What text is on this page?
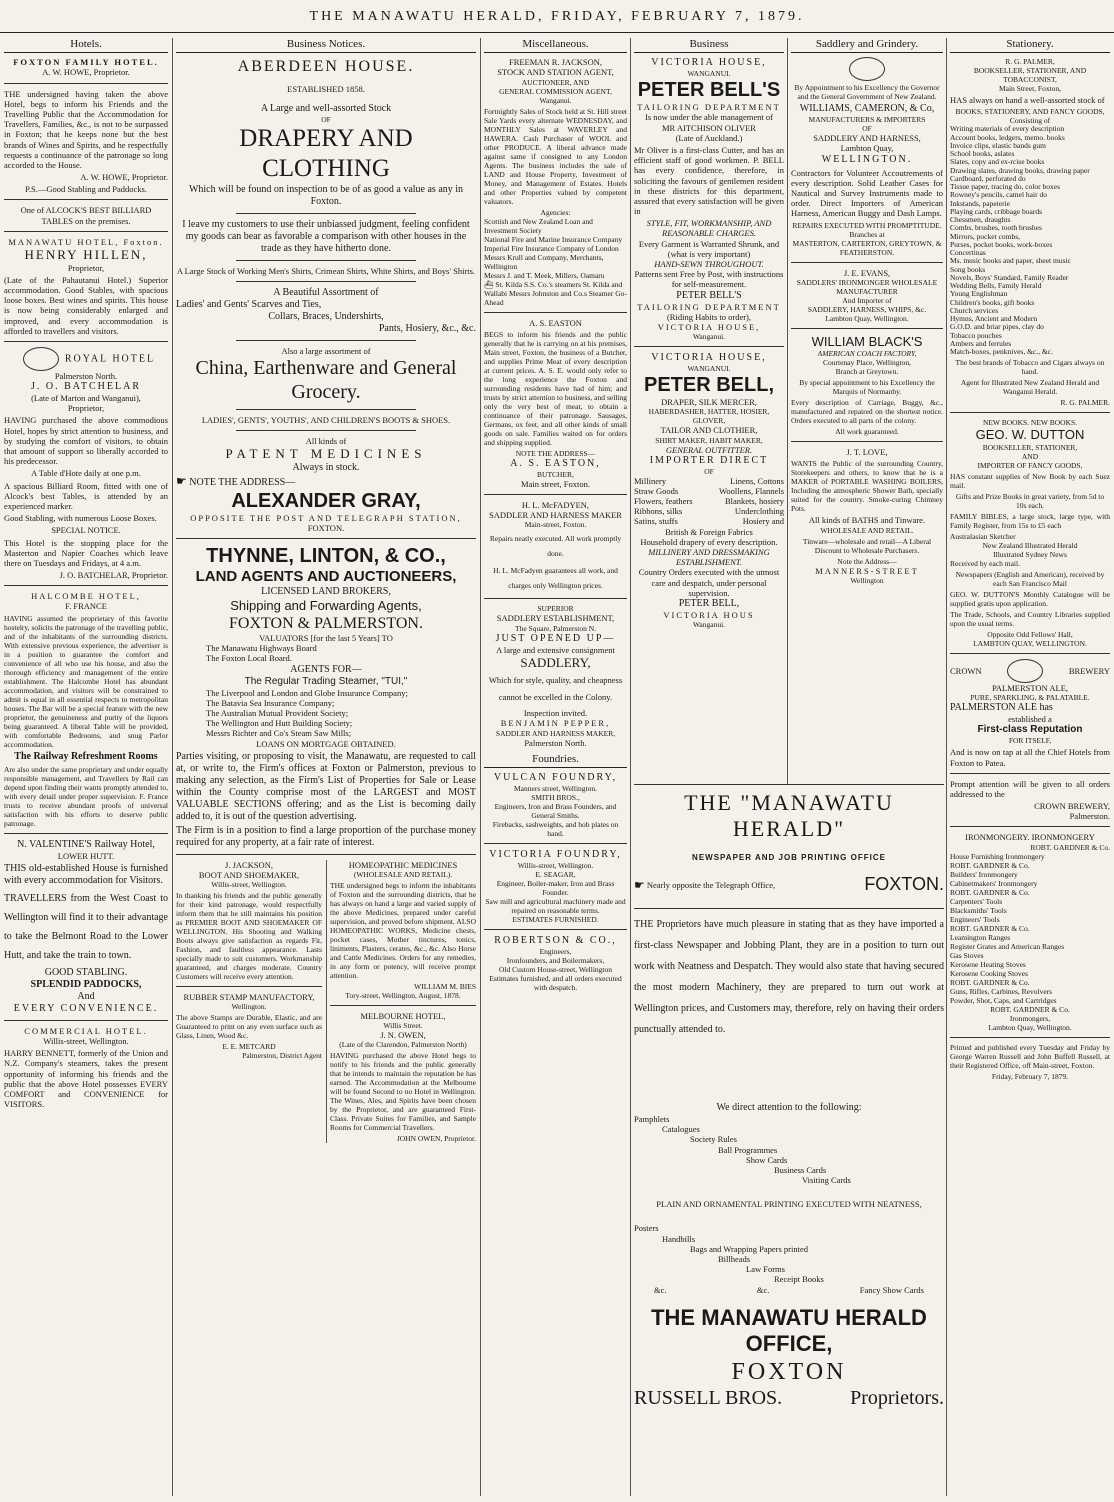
THE MANAWATU HERALD, FRIDAY, FEBRUARY 7, 1879.
Hotels.
FOXTON FAMILY HOTEL.
A. W. HOWE, Proprietor.

THE undersigned having taken the above Hotel, begs to inform his Friends and the Travelling Public that the Accommodation for Travellers, Families, &c., is not to be surpassed in Foxton; that he keeps none but the best brands of Wines and Spirits, and he respectfully requests a continuance of the patronage so long accorded to the House.

A. W. HOWE, Proprietor.

P.S.—Good Stabling and Paddocks.

One of ALCOCK'S BEST BILLIARD TABLES on the premises.

MANAWATU HOTEL, Foxton.
HENRY HILLEN,
Proprietor,

(Late of the Pahautanui Hotel.) Superior accommodation. Good Stables, with spacious loose boxes. Best wines and spirits. This house is now being considerably enlarged and improved, and every accommodation is afforded to travellers and visitors.

ROYAL HOTEL
Palmerston North.
J. O. BATCHELAR
(Late of Marton and Wanganui),
Proprietor,

HAVING purchased the above commodious Hotel, hopes by strict attention to business, and by studying the comfort of visitors, to obtain that amount of support so liberally accorded to his predecessor.

A Table d'Hote daily at one p.m.

A spacious Billiard Room, fitted with one of Alcock's best Tables, is attended by an experienced marker.

Good Stabling, with numerous Loose Boxes.

SPECIAL NOTICE.

This Hotel is the stopping place for the Masterton and Napier Coaches which leave there on Tuesdays and Fridays, at 4 a.m.

J. O. BATCHELAR, Proprietor.

HALCOMBE HOTEL,
F. FRANCE

HAVING assumed the proprietary of this favorite hostelry, solicits the patronage of the travelling public, and of the inhabitants of the surrounding districts. With extensive previous experience, the advertiser is in a position to guarantee the comfort and convenience of all who use his house, and also the thorough efficiency and management of the entire establishment. The Halcombe Hotel has abundant accommodation, and visitors will be constrained to admit is equal in all essential respects to metropolitan houses. The Bar will be a special feature with the new proprietor, the genuineness and purity of the liquors being guaranteed. A liberal Table will be provided, with comfortable Bedrooms, and snug Parlor accommodation.

The Railway Refreshment Rooms

Are also under the same proprietary and under equally responsible management, and Travellers by Rail can depend upon finding their wants promptly attended to, with every detail under proper supervision. F. France trusts to receive abundant proofs of universal satisfaction with his efforts to deserve public patronage.

N. VALENTINE'S Railway Hotel,
LOWER HUTT.

THIS old-established House is furnished with every accommodation for Visitors.

TRAVELLERS from the West Coast to Wellington will find it to their advantage to take the Belmont Road to the Lower Hutt, and take the train to town.

GOOD STABLING.
SPLENDID PADDOCKS,
And
EVERY CONVENIENCE.
COMMERCIAL HOTEL.
Willis-street, Wellington.

HARRY BENNETT, formerly of the Union and N.Z. Company's steamers, takes the present opportunity of informing his friends and the public that the above Hotel possesses EVERY COMFORT and CONVENIENCE for VISITORS.

Business Notices.
ABERDEEN HOUSE.
ESTABLISHED 1858.
A Large and well-assorted Stock
OF
DRAPERY AND CLOTHING
Which will be found on inspection to be of as good a value as any in Foxton.
I leave my customers to use their unbiassed judgment, feeling confident my goods can bear as favorable a comparison with other houses in the trade as they have hitherto done.
A Large Stock of Working Men's Shirts, Crimean Shirts, White Shirts, and Boys' Shirts.
A Beautiful Assortment of
Ladies' and Gents' Scarves and Ties,
Collars, Braces, Undershirts,
Pants, Hosiery, &c., &c.
Also a large assortment of
China, Earthenware and General Grocery.
LADIES', GENTS', YOUTHS', AND CHILDREN'S BOOTS & SHOES.
All kinds of
PATENT MEDICINES
Always in stock.
☛ NOTE THE ADDRESS—
ALEXANDER GRAY,
OPPOSITE THE POST AND TELEGRAPH STATION,
FOXTON.
THYNNE, LINTON, & CO.,
LAND AGENTS AND AUCTIONEERS,
LICENSED LAND BROKERS,
Shipping and Forwarding Agents,
FOXTON & PALMERSTON.
VALUATORS [for the last 5 Years] TO
The Manawatu Highways Board
The Foxton Local Board.
AGENTS FOR—
The Regular Trading Steamer, "TUI,"
The Liverpool and London and Globe Insurance Company;
The Batavia Sea Insurance Company;
The Australian Mutual Provident Society;
The Wellington and Hutt Building Society;
Messrs Richter and Co's Steam Saw Mills;
LOANS ON MORTGAGE OBTAINED.

Parties visiting, or proposing to visit, the Manawatu, are requested to call at, or write to, the Firm's offices at Foxton or Palmerston, previous to making any selection, as the Firm's List of Properties for Sale or Lease within the County comprise most of the LARGEST and MOST VALUABLE SECTIONS offering; and as the List is becoming daily added to, it is out of the question advertising.

The Firm is in a position to find a large proportion of the purchase money required for any property, at a fair rate of interest.

J. JACKSON,
BOOT AND SHOEMAKER,
Willis-street, Wellington.

In thanking his friends and the public generally for their kind patronage, would respectfully inform them that he still maintains his position as PREMIER BOOT AND SHOEMAKER OF WELLINGTON. His Shooting and Walking Boots always give satisfaction as regards Fit, Fashion, and faultless appearance. Lasts specially made to suit customers. Workmanship guaranteed, and charges moderate. Country Customers will receive every attention.

RUBBER STAMP MANUFACTORY,
Wellington.

The above Stamps are Durable, Elastic, and are Guaranteed to print on any even surface such as Glass, Linen, Wood &c.

E. E. METCARD
Palmerston, District Agent
HOMEOPATHIC MEDICINES
(WHOLESALE AND RETAIL).

THE undersigned begs to inform the inhabitants of Foxton and the surrounding districts, that he has always on hand a large and varied supply of the above Medicines, prepared under careful supervision, and proved before shipment. ALSO HOMEOPATHIC WORKS, Medicine chests, pocket cases, Mother tinctures, tonics, liniments, Plasters, cerates, &c., &c. Also Horse and Cattle Medicines. Orders for any remedies, in any form or potency, will receive prompt attention.

WILLIAM M. BIES
Tory-street, Wellington, August, 1878.
MELBOURNE HOTEL,
Willis Street.
J. N. OWEN,
(Late of the Clarendon, Palmerston North)

HAVING purchased the above Hotel begs to notify to his friends and the public generally that he intends to maintain the reputation he has earned. The Accommodation at the Melbourne will be found Second to no Hotel in Wellington. The Wines, Ales, and Spirits have been chosen by the Proprietor, and are guaranteed First-Class. Private Suites for Families, and Sample Rooms for Commercial Travellers.

JOHN OWEN, Proprietor.
Miscellaneous.
FREEMAN R. JACKSON,
STOCK AND STATION AGENT,
AUCTIONEER, AND
GENERAL COMMISSION AGENT,
Wanganui.

Fortnightly Sales of Stock held at St. Hill street Sale Yards every alternate WEDNESDAY, and MONTHLY Sales at WAVERLEY and HAWERA. Cash Purchaser of WOOL and other PRODUCE. A liberal advance made against same if consigned to any London Agents. The business includes the sale of LAND and House Property, Investment of Money, and Management of Estates. Hotels and other Properties valued by competent valuators.

Agencies:
Scottish and New Zealand Loan and Investment Society
National Fire and Marine Insurance Company
Imperial Fire Insurance Company of London
Messrs Krull and Company, Merchants, Wellington
Messrs J. and T. Meek, Millers, Oamaru
⛴ St. Kilda S.S. Co.'s steamers St. Kilda and Wallabi Messrs Johnston and Co.s Steamer Go-Ahead
A. S. EASTON

BEGS to inform his friends and the public generally that he is carrying on at his premises, Main street, Foxton, the business of a Butcher, and supplies Prime Meat of every description at current prices. A. S. E. would only refer to the long experience the Foxton and surrounding residents have had of him; and trusts by strict attention to business, and selling only the very best of meat, to obtain a continuance of their patronage. Sausages, Germans, ox feet, and all other kinds of small goods on sale. Families waited on for orders and shipping supplied.

NOTE THE ADDRESS—
A. S. EASTON,
BUTCHER,
Main street, Foxton.
H. L. McFADYEN,
SADDLER AND HARNESS MAKER
Main-street, Foxton.

Repairs neatly executed. All work promptly done.

H. L. McFadyen guarantees all work, and charges only Wellington prices.

SUPERIOR
SADDLERY ESTABLISHMENT,
The Square, Palmerston N.
JUST OPENED UP—
A large and extensive consignment
SADDLERY,

Which for style, quality, and cheapness cannot be excelled in the Colony.

Inspection invited.
BENJAMIN PEPPER,
SADDLER AND HARNESS MAKER,
Palmerston North.
Foundries.
VULCAN FOUNDRY,
Manners street, Wellington.
SMITH BROS.,
Engineers, Iron and Brass Founders, and General Smiths.
Firebacks, sashweights, and hob plates on hand.
VICTORIA FOUNDRY,
Willis-street, Wellington.
E. SEAGAR,
Engineer, Boiler-maker, Iron and Brass Founder.
Saw mill and agricultural machinery made and repaired on reasonable terms.
ESTIMATES FURNISHED.
ROBERTSON & CO.,
Engineers,
Ironfounders, and Boilermakers,
Old Custom House-street, Wellington
Estimates furnished, and all orders executed with despatch.
Business
VICTORIA HOUSE,
WANGANUI.
PETER BELL'S
TAILORING DEPARTMENT
Is now under the able management of
MR AITCHISON OLIVER
(Late of Auckland.)

Mr Oliver is a first-class Cutter, and has an efficient staff of good workmen. P. BELL has every confidence, therefore, in soliciting the favours of gentlemen resident in these districts for this department, assured that every satisfaction will be given in

STYLE, FIT, WORKMANSHIP, AND REASONABLE CHARGES.
Every Garment is Warranted Shrunk, and (what is very important)
HAND-SEWN THROUGHOUT.
Patterns sent Free by Post, with instructions for self-measurement.
PETER BELL'S
TAILORING DEPARTMENT
(Riding Habits to order),
VICTORIA HOUSE,
Wanganui.
VICTORIA HOUSE,
WANGANUI.
PETER BELL,
DRAPER, SILK MERCER,
HABERDASHER, HATTER, HOSIER,
GLOVER,
TAILOR AND CLOTHIER,
SHIRT MAKER, HABIT MAKER,
GENERAL OUTFITTER.
IMPORTER DIRECT
OF
Millinery	Linens, Cottons
Straw Goods	Woollens, Flannels
Flowers, feathers	Blankets, hosiery
Ribbons, silks	Underclothing
Satins, stuffs	Hosiery and
British & Foreign Fabrics
Household drapery of every description.
MILLINERY AND DRESSMAKING ESTABLISHMENT.
Country Orders executed with the utmost care and despatch, under personal supervision.
PETER BELL,
VICTORIA HOUS
Wanganui.
THE "MANAWATU HERALD"
NEWSPAPER AND JOB PRINTING OFFICE
☛
Nearly opposite the Telegraph Office,	FOXTON.

THE Proprietors have much pleasure in stating that as they have imported a first-class Newspaper and Jobbing Plant, they are in a position to turn out work with Neatness and Despatch. They would also state that having secured the most modern Machinery, they are prepared to turn out work at Wellington prices, and Customers may, therefore, rely on having their orders punctually attended to.

We direct attention to the following:
Pamphlets
Catalogues
Society Rules
Ball Programmes
Show Cards
Business Cards
Visiting Cards
PLAIN AND ORNAMENTAL PRINTING EXECUTED WITH NEATNESS,
Posters
Handbills
Bags and Wrapping Papers printed
Billheads
Law Forms
Receipt Books
&c.	&c.	Fancy Show Cards
THE MANAWATU HERALD OFFICE,
FOXTON
RUSSELL BROS.	Proprietors.
Saddlery and Grindery.

By Appointment to his Excellency the Governor and the General Government of New Zealand.

WILLIAMS, CAMERON, & Co,
MANUFACTURERS & IMPORTERS
OF
SADDLERY AND HARNESS,
Lambton Quay,
WELLINGTON.

Contractors for Volunteer Accoutrements of every description. Solid Leather Cases for Nautical and Survey Instruments made to order. Direct Importers of American Harness, American Buggy and Dash Lamps.

REPAIRS EXECUTED WITH PROMPTITUDE.
Branches at
MASTERTON, CARTERTON, GREYTOWN, & FEATHERSTON.
J. E. EVANS,
SADDLERS' IRONMONGER WHOLESALE MANUFACTURER
And Importer of
SADDLERY, HARNESS, WHIPS, &c.
Lambton Quay, Wellington.
WILLIAM BLACK'S
AMERICAN COACH FACTORY,
Courtenay Place, Wellington,
Branch at Greytown.

By special appointment to his Excellency the Marquis of Normanby.

Every description of Carriage, Buggy, &c., manufactured and repaired on the shortest notice. Orders executed to all parts of the colony.

All work guaranteed.
J. T. LOVE,

WANTS the Public of the surrounding Country, Storekeepers and others, to know that he is a MAKER of PORTABLE WASHING BOILERS, Including the atmospheric Shower Bath, specially suited for the country. Smoke-curing Chimney Pots.

All kinds of BATHS and Tinware.
WHOLESALE AND RETAIL.

Tinware—wholesale and retail—A Liberal Discount to Wholesale Purchasers.

Note the Address—
MANNERS-STREET
Wellington
Stationery.
R. G. PALMER,
BOOKSELLER, STATIONER, AND TOBACCONIST,
Main Street, Foxton,

HAS always on hand a well-assorted stock of

BOOKS, STATIONERY, AND FANCY GOODS,
Consisting of
Writing materials of every description
Account books, ledgers, memo. books
Invoice clips, elastic bands gum
School books, aslates
Slates, copy and ex-rcise books
Drawing slates, drawing books, drawing paper
Cardboard, perforated do
Tissue paper, tracing do, color boxes
Rowney's pencils, camel hair do
Inkstands, papeterie
Playing cards, cribbage boards
Chessmen, draughts
Combs, brushes, tooth brushes
Mirrors, pocket combs,
Purses, pocket books, work-boxes
Concertinas
Ms. music books and paper, sheet music
Song books
Novels, Boys' Standard, Family Reader
Wedding Bells, Family Herald
Young Englishman
Children's books, gift books
Church services
Hymns, Ancient and Modern
G.O.D. and briar pipes, clay do
Tobacco pouches
Ambers and ferrules
Match-boxes, penknives, &c., &c.

The best brands of Tobacco and Cigars always on hand.

Agent for Illustrated New Zealand Herald and Wanganui Herald.

R. G. PALMER.
NEW BOOKS. NEW BOOKS.
GEO. W. DUTTON
BOOKSELLER, STATIONER,
AND
IMPORTER OF FANCY GOODS,

HAS constant supplies of New Book by each Suez mail.

Gifts and Prize Books in great variety, from 5d to 10s each.

FAMILY BIBLES, a large stock, large type, with Family Register, from 15s to £5 each

Australasian Sketcher
New Zealand Illustrated Herald
Illustrated Sydney News
Received by each mail.

Newspapers (English and American), received by each San Francisco Mail

GEO. W. DUTTON'S Monthly Catalogue will be supplied gratis upon application.

The Trade, Schools, and Country Libraries supplied upon the usual terms.

Opposite Odd Fellows' Hall,
LAMBTON QUAY, WELLINGTON.
CROWN	BREWERY
PALMERSTON ALE,
PURE, SPARKLING, & PALATABLE.
PALMERSTON ALE has
established a
First-class Reputation
FOR ITSELF,

And is now on tap at all the Chief Hotels from Foxton to Patea.

Prompt attention will be given to all orders addressed to the

CROWN BREWERY,
Palmerston.
IRONMONGERY. IRONMONGERY
ROBT. GARDNER & Co.
House Furnishing Ironmongery
ROBT. GARDNER & Co.
Builders' Ironmongery
Cabinetmakers' Ironmongery
ROBT. GARDNER & Co.
Carpenters' Tools
Blacksmiths' Tools
Engineers' Tools
ROBT. GARDNER & Co.
Leamington Ranges
Register Grates and American Ranges
Gas Stoves
Kerosene Heating Stoves
Kerosene Cooking Stoves
ROBT. GARDNER & Co.
Guns, Rifles, Carbines, Revolvers
Powder, Shot, Caps, and Cartridges
ROBT. GARDNER & Co.
Ironmongers,
Lambton Quay, Wellington.

Printed and published every Tuesday and Friday by George Warren Russell and John Buffell Russell, at their Registered Office, off Main-street, Foxton.

Friday, February 7, 1879.
